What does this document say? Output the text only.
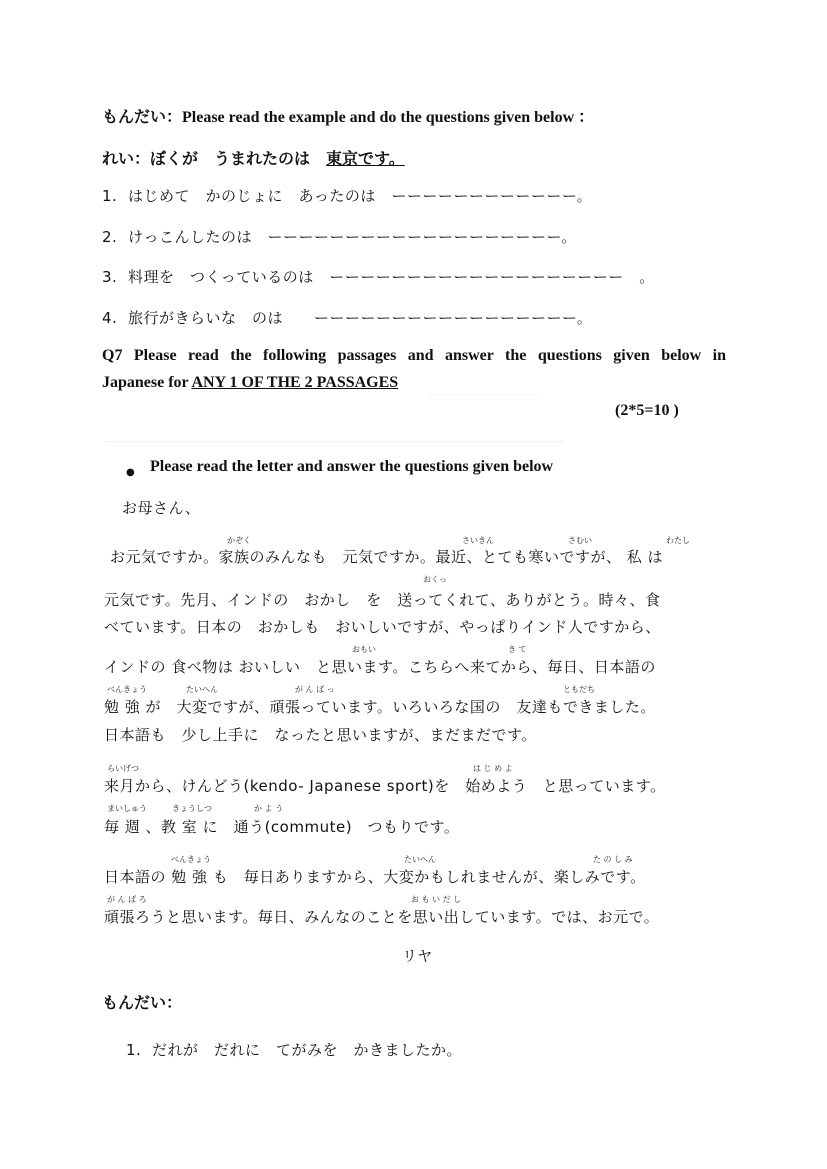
もんだい：Please read the example and do the questions given below ：
れい：ぼくが　うまれたのは　東京です。
1. はじめて　かのじょに　あったのは　ーーーーーーーーーーーー。
2. けっこんしたのは　ーーーーーーーーーーーーーーーーーーー。
3. 料理を　つくっているのは　ーーーーーーーーーーーーーーーーーーー　。
4. 旅行がきらいな　のは　　ーーーーーーーーーーーーーーーーー。
Q7 Please read the following passages and answer the questions given below in
Japanese for ANY 1 OF THE 2 PASSAGES
(2*5=10 )
● Please read the letter and answer the questions given below
お母さん、
かぞく	さいきん	さむい	わたし
お元気ですか。家族のみんなも　元気ですか。最近、とても寒いですが、 私 は
元気です。先月、インドの　おかし　を　送ってくれて、ありがとう。時々、食
おくっ
べています。日本の　おかしも　おいしいですが、やっぱりインド人ですから、
おもい	き て
インドの 食べ物は おいしい　と思います。こちらへ来てから、毎日、日本語の
べんきょう	たいへん	が ん ば っ	ともだち
勉 強 が　大変ですが、頑張っています。いろいろな国の　友達もできました。
日本語も　少し上手に　なったと思いますが、まだまだです。
らいげつ	は じ め よ
来月から、けんどう(kendo- Japanese sport)を　始めよう　と思っています。
まいしゅう	きょうしつ	か よ う
毎 週 、教 室 に　通う(commute)　つもりです。
べんきょう	たいへん	た の し み
日本語の 勉 強 も　毎日ありますから、大変かもしれませんが、楽しみです。
が ん ば ろ	お も い だ し
頑張ろうと思います。毎日、みんなのことを思い出しています。では、お元で。
リヤ
もんだい：
1. だれが　だれに　てがみを　かきましたか。
